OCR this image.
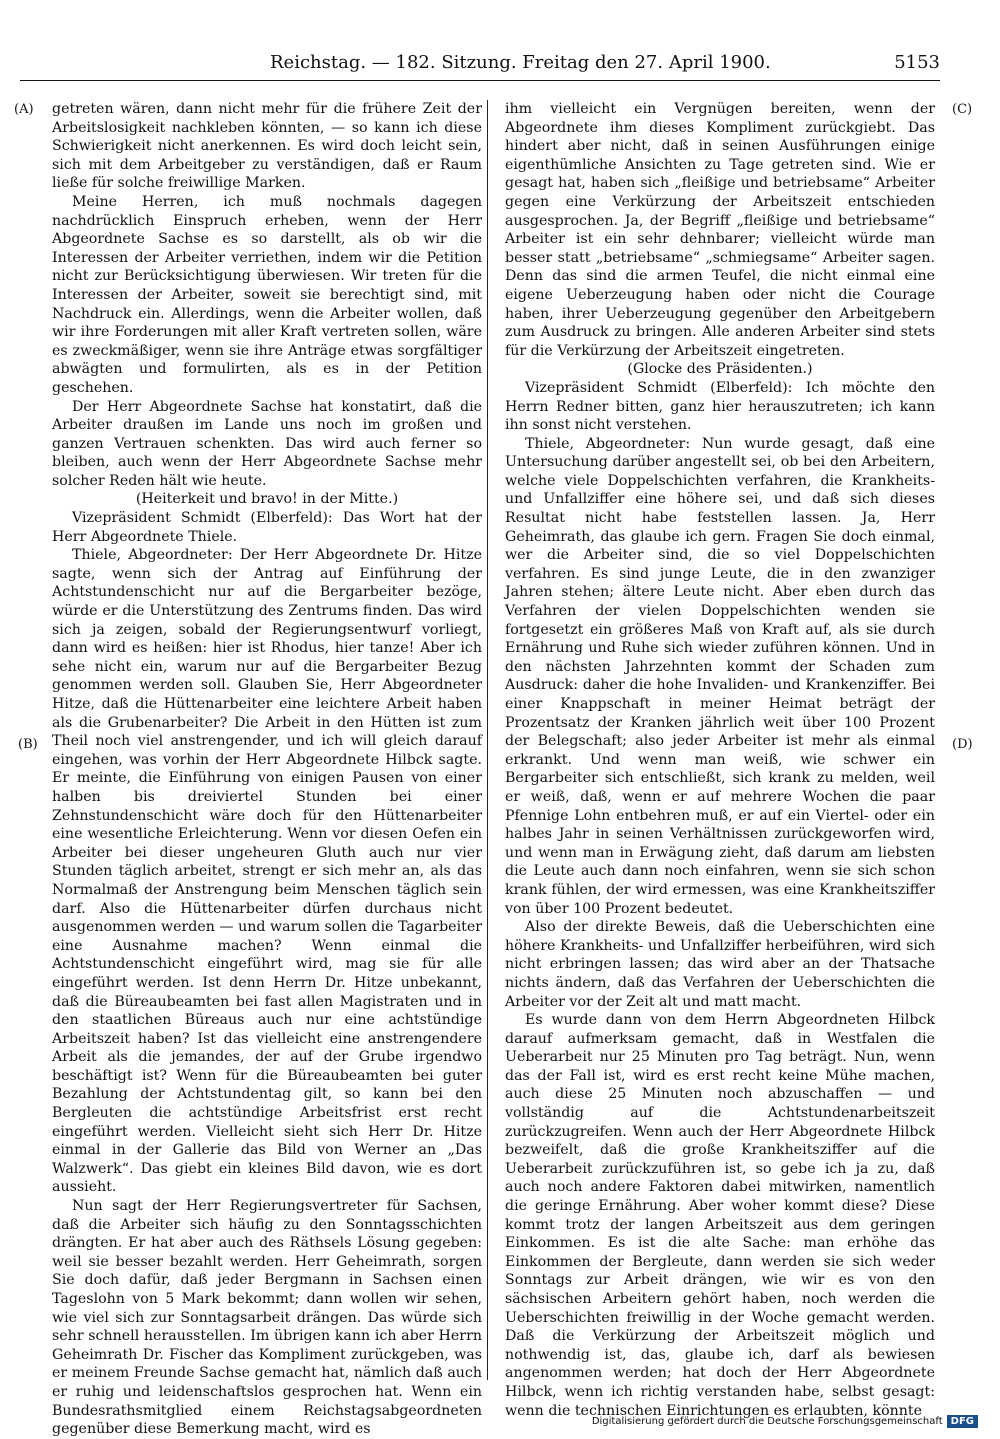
Reichstag. — 182. Sitzung. Freitag den 27. April 1900.	5153
(A)
(B)
(C)
(D)

getreten wären, dann nicht mehr für die frühere Zeit der Arbeitslosigkeit nachkleben könnten, — so kann ich diese Schwierigkeit nicht anerkennen. Es wird doch leicht sein, sich mit dem Arbeitgeber zu verständigen, daß er Raum ließe für solche freiwillige Marken.

Meine Herren, ich muß nochmals dagegen nachdrücklich Einspruch erheben, wenn der Herr Abgeordnete Sachse es so darstellt, als ob wir die Interessen der Arbeiter verriethen, indem wir die Petition nicht zur Berücksichtigung überwiesen. Wir treten für die Interessen der Arbeiter, soweit sie berechtigt sind, mit Nachdruck ein. Allerdings, wenn die Arbeiter wollen, daß wir ihre Forderungen mit aller Kraft vertreten sollen, wäre es zweckmäßiger, wenn sie ihre Anträge etwas sorgfältiger abwägten und formulirten, als es in der Petition geschehen.

Der Herr Abgeordnete Sachse hat konstatirt, daß die Arbeiter draußen im Lande uns noch im großen und ganzen Vertrauen schenkten. Das wird auch ferner so bleiben, auch wenn der Herr Abgeordnete Sachse mehr solcher Reden hält wie heute.

(Heiterkeit und bravo! in der Mitte.)

Vizepräsident Schmidt (Elberfeld): Das Wort hat der Herr Abgeordnete Thiele.

Thiele, Abgeordneter: Der Herr Abgeordnete Dr. Hitze sagte, wenn sich der Antrag auf Einführung der Achtstundenschicht nur auf die Bergarbeiter bezöge, würde er die Unterstützung des Zentrums finden. Das wird sich ja zeigen, sobald der Regierungsentwurf vorliegt, dann wird es heißen: hier ist Rhodus, hier tanze! Aber ich sehe nicht ein, warum nur auf die Bergarbeiter Bezug genommen werden soll. Glauben Sie, Herr Abgeordneter Hitze, daß die Hüttenarbeiter eine leichtere Arbeit haben als die Grubenarbeiter? Die Arbeit in den Hütten ist zum Theil noch viel anstrengender, und ich will gleich darauf eingehen, was vorhin der Herr Abgeordnete Hilbck sagte. Er meinte, die Einführung von einigen Pausen von einer halben bis dreiviertel Stunden bei einer Zehnstundenschicht wäre doch für den Hüttenarbeiter eine wesentliche Erleichterung. Wenn vor diesen Oefen ein Arbeiter bei dieser ungeheuren Gluth auch nur vier Stunden täglich arbeitet, strengt er sich mehr an, als das Normalmaß der Anstrengung beim Menschen täglich sein darf. Also die Hüttenarbeiter dürfen durchaus nicht ausgenommen werden — und warum sollen die Tagarbeiter eine Ausnahme machen? Wenn einmal die Achtstundenschicht eingeführt wird, mag sie für alle eingeführt werden. Ist denn Herrn Dr. Hitze unbekannt, daß die Büreaubeamten bei fast allen Magistraten und in den staatlichen Büreaus auch nur eine achtstündige Arbeitszeit haben? Ist das vielleicht eine anstrengendere Arbeit als die jemandes, der auf der Grube irgendwo beschäftigt ist? Wenn für die Büreaubeamten bei guter Bezahlung der Achtstundentag gilt, so kann bei den Bergleuten die achtstündige Arbeitsfrist erst recht eingeführt werden. Vielleicht sieht sich Herr Dr. Hitze einmal in der Gallerie das Bild von Werner an „Das Walzwerk“. Das giebt ein kleines Bild davon, wie es dort aussieht.

Nun sagt der Herr Regierungsvertreter für Sachsen, daß die Arbeiter sich häufig zu den Sonntagsschichten drängten. Er hat aber auch des Räthsels Lösung gegeben: weil sie besser bezahlt werden. Herr Geheimrath, sorgen Sie doch dafür, daß jeder Bergmann in Sachsen einen Tageslohn von 5 Mark bekommt; dann wollen wir sehen, wie viel sich zur Sonntagsarbeit drängen. Das würde sich sehr schnell herausstellen. Im übrigen kann ich aber Herrn Geheimrath Dr. Fischer das Kompliment zurückgeben, was er meinem Freunde Sachse gemacht hat, nämlich daß auch er ruhig und leidenschaftslos gesprochen hat. Wenn ein Bundesrathsmitglied einem Reichstagsabgeordneten gegenüber diese Bemerkung macht, wird es

ihm vielleicht ein Vergnügen bereiten, wenn der Abgeordnete ihm dieses Kompliment zurückgiebt. Das hindert aber nicht, daß in seinen Ausführungen einige eigenthümliche Ansichten zu Tage getreten sind. Wie er gesagt hat, haben sich „fleißige und betriebsame“ Arbeiter gegen eine Verkürzung der Arbeitszeit entschieden ausgesprochen. Ja, der Begriff „fleißige und betriebsame“ Arbeiter ist ein sehr dehnbarer; vielleicht würde man besser statt „betriebsame“ „schmiegsame“ Arbeiter sagen. Denn das sind die armen Teufel, die nicht einmal eine eigene Ueberzeugung haben oder nicht die Courage haben, ihrer Ueberzeugung gegenüber den Arbeitgebern zum Ausdruck zu bringen. Alle anderen Arbeiter sind stets für die Verkürzung der Arbeitszeit eingetreten.

(Glocke des Präsidenten.)

Vizepräsident Schmidt (Elberfeld): Ich möchte den Herrn Redner bitten, ganz hier herauszutreten; ich kann ihn sonst nicht verstehen.

Thiele, Abgeordneter: Nun wurde gesagt, daß eine Untersuchung darüber angestellt sei, ob bei den Arbeitern, welche viele Doppelschichten verfahren, die Krankheits- und Unfallziffer eine höhere sei, und daß sich dieses Resultat nicht habe feststellen lassen. Ja, Herr Geheimrath, das glaube ich gern. Fragen Sie doch einmal, wer die Arbeiter sind, die so viel Doppelschichten verfahren. Es sind junge Leute, die in den zwanziger Jahren stehen; ältere Leute nicht. Aber eben durch das Verfahren der vielen Doppelschichten wenden sie fortgesetzt ein größeres Maß von Kraft auf, als sie durch Ernährung und Ruhe sich wieder zuführen können. Und in den nächsten Jahrzehnten kommt der Schaden zum Ausdruck: daher die hohe Invaliden- und Krankenziffer. Bei einer Knappschaft in meiner Heimat beträgt der Prozentsatz der Kranken jährlich weit über 100 Prozent der Belegschaft; also jeder Arbeiter ist mehr als einmal erkrankt. Und wenn man weiß, wie schwer ein Bergarbeiter sich entschließt, sich krank zu melden, weil er weiß, daß, wenn er auf mehrere Wochen die paar Pfennige Lohn entbehren muß, er auf ein Viertel- oder ein halbes Jahr in seinen Verhältnissen zurückgeworfen wird, und wenn man in Erwägung zieht, daß darum am liebsten die Leute auch dann noch einfahren, wenn sie sich schon krank fühlen, der wird ermessen, was eine Krankheitsziffer von über 100 Prozent bedeutet.

Also der direkte Beweis, daß die Ueberschichten eine höhere Krankheits- und Unfallziffer herbeiführen, wird sich nicht erbringen lassen; das wird aber an der Thatsache nichts ändern, daß das Verfahren der Ueberschichten die Arbeiter vor der Zeit alt und matt macht.

Es wurde dann von dem Herrn Abgeordneten Hilbck darauf aufmerksam gemacht, daß in Westfalen die Ueberarbeit nur 25 Minuten pro Tag beträgt. Nun, wenn das der Fall ist, wird es erst recht keine Mühe machen, auch diese 25 Minuten noch abzuschaffen — und vollständig auf die Achtstundenarbeitszeit zurückzugreifen. Wenn auch der Herr Abgeordnete Hilbck bezweifelt, daß die große Krankheitsziffer auf die Ueberarbeit zurückzuführen ist, so gebe ich ja zu, daß auch noch andere Faktoren dabei mitwirken, namentlich die geringe Ernährung. Aber woher kommt diese? Diese kommt trotz der langen Arbeitszeit aus dem geringen Einkommen. Es ist die alte Sache: man erhöhe das Einkommen der Bergleute, dann werden sie sich weder Sonntags zur Arbeit drängen, wie wir es von den sächsischen Arbeitern gehört haben, noch werden die Ueberschichten freiwillig in der Woche gemacht werden. Daß die Verkürzung der Arbeitszeit möglich und nothwendig ist, das, glaube ich, darf als bewiesen angenommen werden; hat doch der Herr Abgeordnete Hilbck, wenn ich richtig verstanden habe, selbst gesagt: wenn die technischen Einrichtungen es erlaubten, könnte

Digitalisierung gefördert durch die Deutsche Forschungsgemeinschaft DFG
